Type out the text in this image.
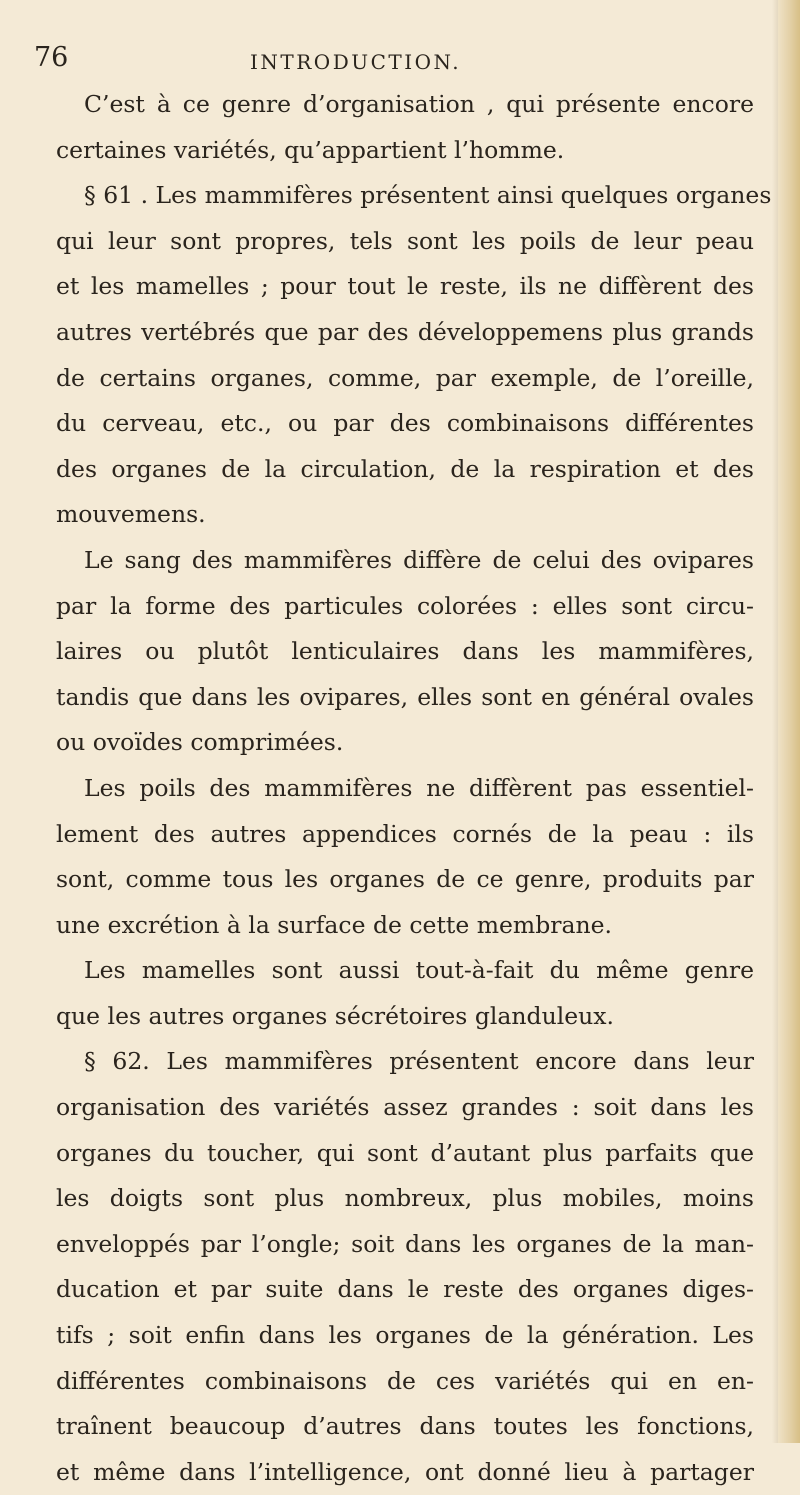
76	INTRODUCTION.
C’est à ce genre d’organisation , qui présente encore
certaines variétés, qu’appartient l’homme.
§ 61 . Les mammifères présentent ainsi quelques organes
qui leur sont propres, tels sont les poils de leur peau
et les mamelles ; pour tout le reste, ils ne diffèrent des
autres vertébrés que par des développemens plus grands
de certains organes, comme, par exemple, de l’oreille,
du cerveau, etc., ou par des combinaisons différentes
des organes de la circulation, de la respiration et des
mouvemens.
Le sang des mammifères diffère de celui des ovipares
par la forme des particules colorées : elles sont circu-
laires ou plutôt lenticulaires dans les mammifères,
tandis que dans les ovipares, elles sont en général ovales
ou ovoïdes comprimées.
Les poils des mammifères ne diffèrent pas essentiel-
lement des autres appendices cornés de la peau : ils
sont, comme tous les organes de ce genre, produits par
une excrétion à la surface de cette membrane.
Les mamelles sont aussi tout-à-fait du même genre
que les autres organes sécrétoires glanduleux.
§ 62. Les mammifères présentent encore dans leur
organisation des variétés assez grandes : soit dans les
organes du toucher, qui sont d’autant plus parfaits que
les doigts sont plus nombreux, plus mobiles, moins
enveloppés par l’ongle; soit dans les organes de la man-
ducation et par suite dans le reste des organes diges-
tifs ; soit enfin dans les organes de la génération. Les
différentes combinaisons de ces variétés qui en en-
traînent beaucoup d’autres dans toutes les fonctions,
et même dans l’intelligence, ont donné lieu à partager
